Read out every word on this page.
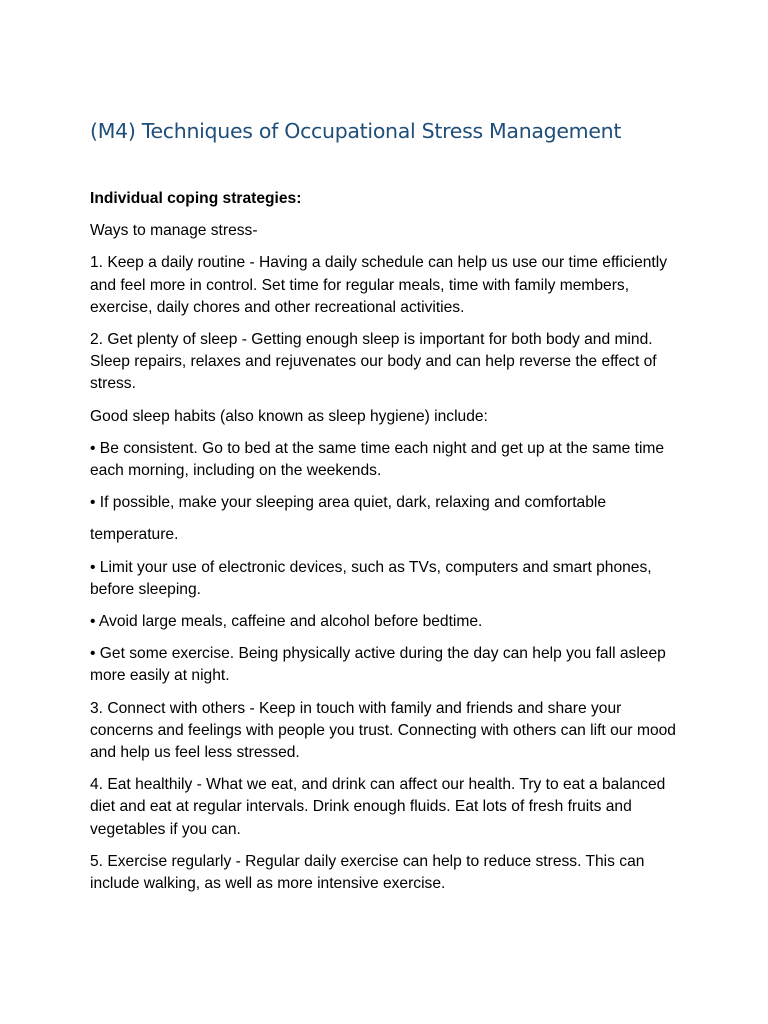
(M4) Techniques of Occupational Stress Management

Individual coping strategies:

Ways to manage stress-

1. Keep a daily routine - Having a daily schedule can help us use our time efficiently and feel more in control. Set time for regular meals, time with family members, exercise, daily chores and other recreational activities.

2. Get plenty of sleep - Getting enough sleep is important for both body and mind. Sleep repairs, relaxes and rejuvenates our body and can help reverse the effect of stress.

Good sleep habits (also known as sleep hygiene) include:

• Be consistent. Go to bed at the same time each night and get up at the same time each morning, including on the weekends.

• If possible, make your sleeping area quiet, dark, relaxing and comfortable

temperature.

• Limit your use of electronic devices, such as TVs, computers and smart phones, before sleeping.

• Avoid large meals, caffeine and alcohol before bedtime.

• Get some exercise. Being physically active during the day can help you fall asleep more easily at night.

3. Connect with others - Keep in touch with family and friends and share your concerns and feelings with people you trust. Connecting with others can lift our mood and help us feel less stressed.

4. Eat healthily - What we eat, and drink can affect our health. Try to eat a balanced diet and eat at regular intervals. Drink enough fluids. Eat lots of fresh fruits and vegetables if you can.

5. Exercise regularly - Regular daily exercise can help to reduce stress. This can include walking, as well as more intensive exercise.
